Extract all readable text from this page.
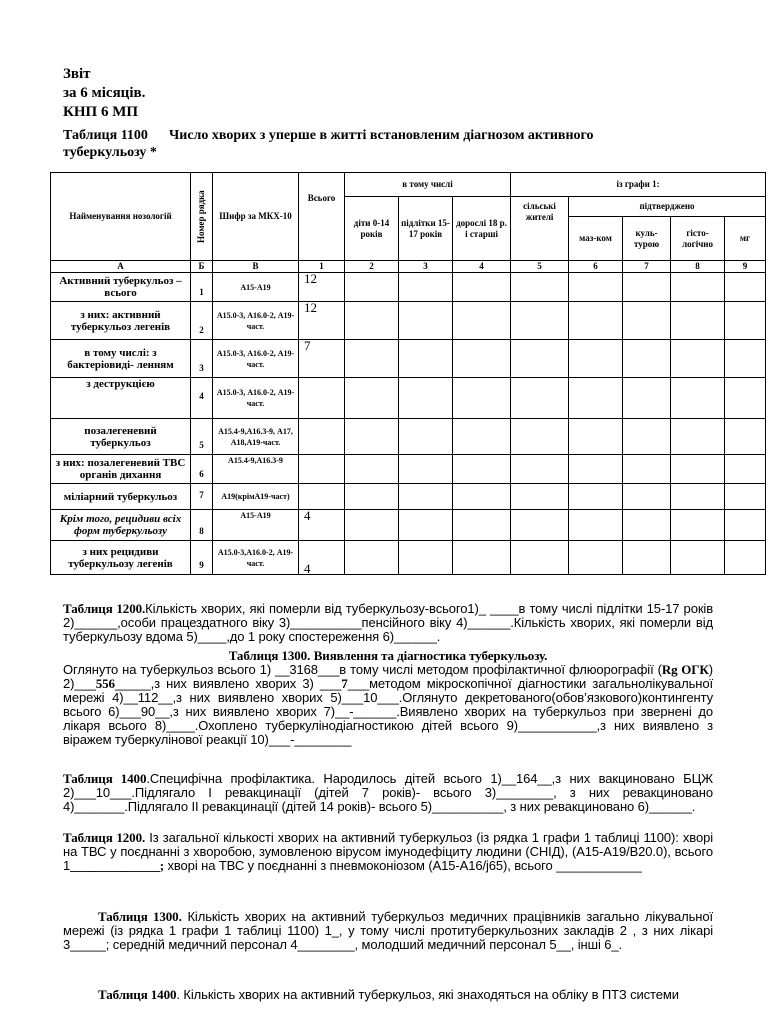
Звіт
за 6 місяців.
КНП 6 МП
Таблиця 1100 Число хворих з уперше в житті встановленим діагнозом активного туберкульозу *
Найменування нозологій	Номер рядка	Шифр за МКХ-10	Всього	в тому числі			із графи 1:				
				діти 0-14 років	підлітки 15-17 років	дорослі 18 р. і старші	сільські жителі	підтверджено			
								маз-ком	куль-турою	гісто-логічно	мг
А	Б	В	1	2	3	4	5	6	7	8	9
Активний туберкульоз – всього	1	А15-А19	12								
з них: активний туберкульоз легенів	2	А15.0-3, А16.0-2, А19-част.	12								
в тому числі: з бактеріовиді- ленням	3	А15.0-3, А16.0-2, А19-част.	7								
з деструкцією	4	А15.0-3, А16.0-2, А19-част.									
позалегеневий туберкульоз	5	А15.4-9,А16.3-9, А17, А18,А19-част.									
з них: позалегеневий ТВС органів дихання	6	А15.4-9,А16.3-9									
міліарний туберкульоз	7	А19(крімА19-част)									
Крім того, рецидиви всіх форм туберкульозу	8	А15-А19	4								
з них рецидиви туберкульозу легенів	9	А15.0-3,А16.0-2, А19-част.	4								
Таблиця 1200.Кількість хворих, які померли від туберкульозу-всього1)_ ____в тому числі підлітки 15-17 років 2)______,особи працездатного віку 3)__________пенсійного віку 4)______.Кількість хворих, які померли від туберкульозу вдома 5)____,до 1 року спостереження 6)______.
Таблиця 1300. Виявлення та діагностика туберкульозу.
Оглянуто на туберкульоз всього 1) __3168___в тому числі методом профілактичної флюорографії (Rg ОГК) 2)___556_____,з них виявлено хворих 3) ___7___методом мікроскопічної діагностики загальнолікувальної мережі 4)__112__,з них виявлено хворих 5)___10___.Оглянуто декретованого(обов’язкового)контингенту всього 6)___90__,з них виявлено хворих 7)__-______.Виявлено хворих на туберкульоз при звернені до лікаря всього 8)____.Охоплено туберкулінодіагностикою дітей всього 9)___________,з них виявлено з віражем туберкулінової реакції 10)___-________
Таблиця 1400.Специфічна профілактика. Народилось дітей всього 1)__164__,з них вакциновано БЦЖ 2)___10___.Підлягало I ревакцинації (дітей 7 років)- всього 3)________, з них ревакциновано 4)_______.Підлягало II ревакцинації (дітей 14 років)- всього 5)__________, з них ревакциновано 6)______.
Таблиця 1200. Із загальної кількості хворих на активний туберкульоз (із рядка 1 графи 1 таблиці 1100): хворі на ТВС у поєднанні з хворобою, зумовленою вірусом імунодефіциту людини (СНІД), (А15-А19/В20.0), всього 1______________; хворі на ТВС у поєднанні з пневмоконіозом (А15-А16/j65), всього ____________
Таблиця 1300. Кількість хворих на активний туберкульоз медичних працівників загально лікувальної мережі (із рядка 1 графи 1 таблиці 1100) 1_, у тому числі протитуберкульозних закладів 2 , з них лікарі 3_____; середній медичний персонал 4________, молодший медичний персонал 5__, інші 6_.
Таблиця 1400. Кількість хворих на активний туберкульоз, які знаходяться на обліку в ПТЗ системи
